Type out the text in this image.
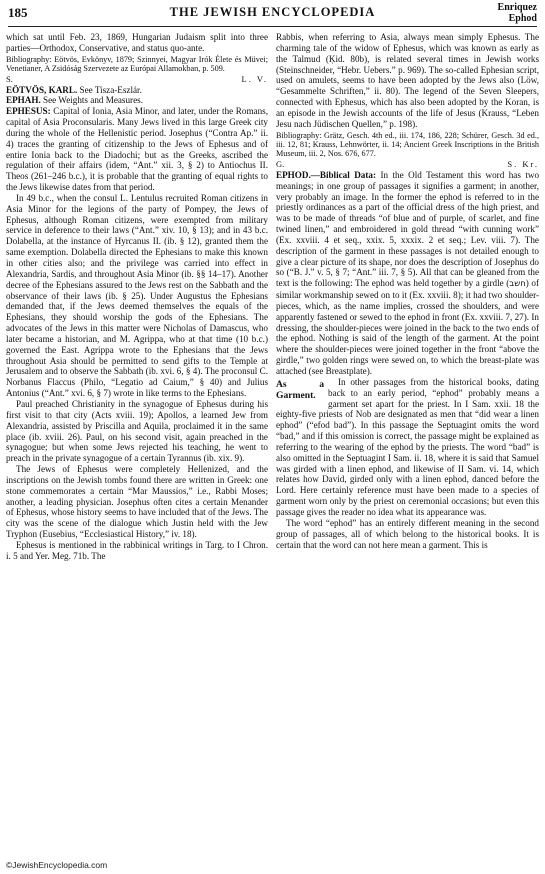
185	THE JEWISH ENCYCLOPEDIA	Enriquez
Ephod

which sat until Feb. 23, 1869, Hungarian Judaism split into three parties—Orthodox, Conservative, and status quo-ante.

Bibliography: Eötvös, Evkönyv, 1879; Szinnyei, Magyar Irók Élete és Müvei; Venetianer, A Zsidóság Szervezete az Európai Allamokban, p. 509.

S.	L. V.

EÖTVÖS, KARL. See Tisza-Eszlár.

EPHAH. See Weights and Measures.

EPHESUS: Capital of Ionia, Asia Minor, and later, under the Romans, capital of Asia Proconsularis. Many Jews lived in this large Greek city during the whole of the Hellenistic period. Josephus (“Contra Ap.” ii. 4) traces the granting of citizenship to the Jews of Ephesus and of entire Ionia back to the Diadochi; but as the Greeks, ascribed the regulation of their affairs (idem, “Ant.” xii. 3, § 2) to Antiochus II. Theos (261–246 b.c.), it is probable that the granting of equal rights to the Jews likewise dates from that period.

In 49 b.c., when the consul L. Lentulus recruited Roman citizens in Asia Minor for the legions of the party of Pompey, the Jews of Ephesus, although Roman citizens, were exempted from military service in deference to their laws (“Ant.” xiv. 10, § 13); and in 43 b.c. Dolabella, at the instance of Hyrcanus II. (ib. § 12), granted them the same exemption. Dolabella directed the Ephesians to make this known in other cities also; and the privilege was carried into effect in Alexandria, Sardis, and throughout Asia Minor (ib. §§ 14–17). Another decree of the Ephesians assured to the Jews rest on the Sabbath and the observance of their laws (ib. § 25). Under Augustus the Ephesians demanded that, if the Jews deemed themselves the equals of the Ephesians, they should worship the gods of the Ephesians. The advocates of the Jews in this matter were Nicholas of Damascus, who later became a historian, and M. Agrippa, who at that time (10 b.c.) governed the East. Agrippa wrote to the Ephesians that the Jews throughout Asia should be permitted to send gifts to the Temple at Jerusalem and to observe the Sabbath (ib. xvi. 6, § 4). The proconsul C. Norbanus Flaccus (Philo, “Legatio ad Caium,” § 40) and Julius Antonius (“Ant.” xvi. 6, § 7) wrote in like terms to the Ephesians.

Paul preached Christianity in the synagogue of Ephesus during his first visit to that city (Acts xviii. 19); Apollos, a learned Jew from Alexandria, assisted by Priscilla and Aquila, proclaimed it in the same place (ib. xviii. 26). Paul, on his second visit, again preached in the synagogue; but when some Jews rejected his teaching, he went to preach in the private synagogue of a certain Tyrannus (ib. xix. 9).

The Jews of Ephesus were completely Hellenized, and the inscriptions on the Jewish tombs found there are written in Greek: one stone commemorates a certain “Mar Maussios,” i.e., Rabbi Moses; another, a leading physician. Josephus often cites a certain Menander of Ephesus, whose history seems to have included that of the Jews. The city was the scene of the dialogue which Justin held with the Jew Tryphon (Eusebius, “Ecclesiastical History,” iv. 18).

Ephesus is mentioned in the rabbinical writings in Targ. to I Chron. i. 5 and Yer. Meg. 71b. The

Rabbis, when referring to Asia, always mean simply Ephesus. The charming tale of the widow of Ephesus, which was known as early as the Talmud (Ḳid. 80b), is related several times in Jewish works (Steinschneider, “Hebr. Uebers.” p. 969). The so-called Ephesian script, used on amulets, seems to have been adopted by the Jews also (Löw, “Gesammelte Schriften,” ii. 80). The legend of the Seven Sleepers, connected with Ephesus, which has also been adopted by the Koran, is an episode in the Jewish accounts of the life of Jesus (Krauss, “Leben Jesu nach Jüdischen Quellen,” p. 198).

Bibliography: Grätz, Gesch. 4th ed., iii. 174, 186, 228; Schürer, Gesch. 3d ed., iii. 12, 81; Krauss, Lehnwörter, ii. 14; Ancient Greek Inscriptions in the British Museum, iii. 2, Nos. 676, 677.

G.	S. Kr.

EPHOD.—Biblical Data: In the Old Testament this word has two meanings; in one group of passages it signifies a garment; in another, very probably an image. In the former the ephod is referred to in the priestly ordinances as a part of the official dress of the high priest, and was to be made of threads “of blue and of purple, of scarlet, and fine twined linen,” and embroidered in gold thread “with cunning work” (Ex. xxviii. 4 et seq., xxix. 5, xxxix. 2 et seq.; Lev. viii. 7). The description of the garment in these passages is not detailed enough to give a clear picture of its shape, nor does the description of Josephus do so (“B. J.” v. 5, § 7; “Ant.” iii. 7, § 5). All that can be gleaned from the text is the following: The ephod was held together by a girdle (חשב) of similar workmanship sewed on to it (Ex. xxviii. 8); it had two shoulder-pieces, which, as the name implies, crossed the shoulders, and were apparently fastened or sewed to the ephod in front (Ex. xxviii. 7, 27). In dressing, the shoulder-pieces were joined in the back to the two ends of the ephod. Nothing is said of the length of the garment. At the point where the shoulder-pieces were joined together in the front “above the girdle,” two golden rings were sewed on, to which the breast-plate was attached (see Breastplate).

As a Garment.
In other passages from the historical books, dating back to an early period, “ephod” probably means a garment set apart for the priest. In I Sam. xxii. 18 the eighty-five priests of Nob are designated as men that “did wear a linen ephod” (“efod bad”). In this passage the Septuagint omits the word “bad,” and if this omission is correct, the passage might be explained as referring to the wearing of the ephod by the priests. The word “bad” is also omitted in the Septuagint I Sam. ii. 18, where it is said that Samuel was girded with a linen ephod, and likewise of II Sam. vi. 14, which relates how David, girded only with a linen ephod, danced before the Lord. Here certainly reference must have been made to a species of garment worn only by the priest on ceremonial occasions; but even this passage gives the reader no idea what its appearance was.

The word “ephod” has an entirely different meaning in the second group of passages, all of which belong to the historical books. It is certain that the word can not here mean a garment. This is

©JewishEncyclopedia.com
